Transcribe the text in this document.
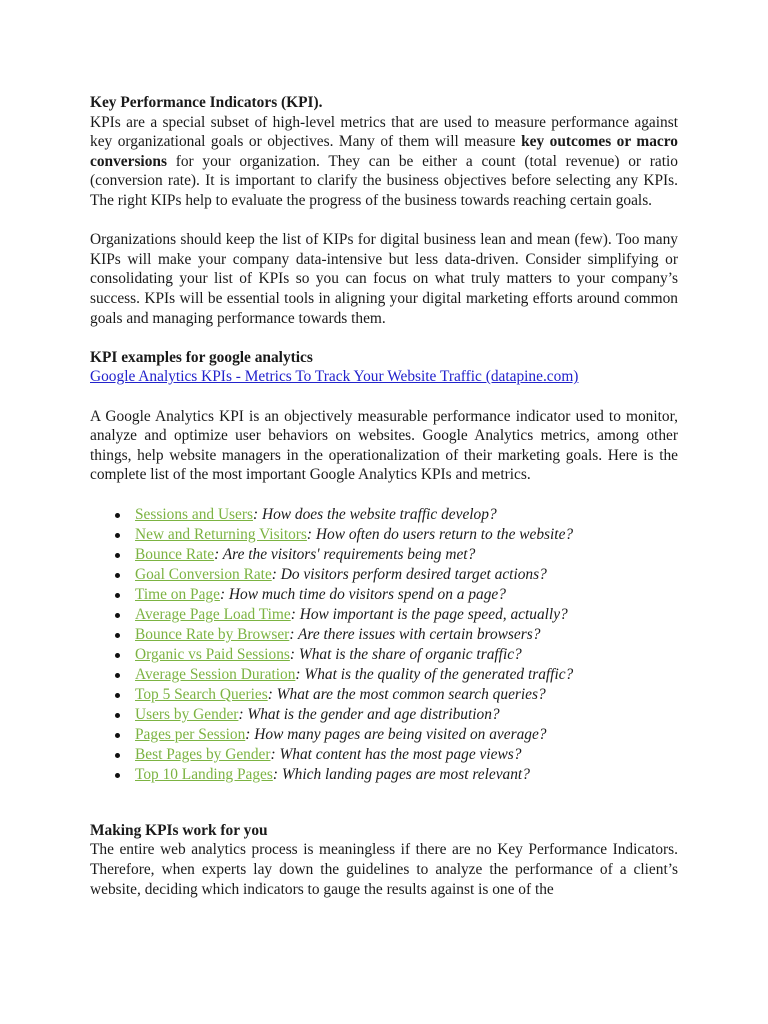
Key Performance Indicators (KPI).

KPIs are a special subset of high-level metrics that are used to measure performance against key organizational goals or objectives. Many of them will measure key outcomes or macro conversions for your organization. They can be either a count (total revenue) or ratio (conversion rate). It is important to clarify the business objectives before selecting any KPIs. The right KIPs help to evaluate the progress of the business towards reaching certain goals.

Organizations should keep the list of KIPs for digital business lean and mean (few). Too many KIPs will make your company data-intensive but less data-driven. Consider simplifying or consolidating your list of KPIs so you can focus on what truly matters to your company’s success. KPIs will be essential tools in aligning your digital marketing efforts around common goals and managing performance towards them.

KPI examples for google analytics

Google Analytics KPIs - Metrics To Track Your Website Traffic (datapine.com)

A Google Analytics KPI is an objectively measurable performance indicator used to monitor, analyze and optimize user behaviors on websites. Google Analytics metrics, among other things, help website managers in the operationalization of their marketing goals. Here is the complete list of the most important Google Analytics KPIs and metrics.

Sessions and Users: How does the website traffic develop?
New and Returning Visitors: How often do users return to the website?
Bounce Rate: Are the visitors' requirements being met?
Goal Conversion Rate: Do visitors perform desired target actions?
Time on Page: How much time do visitors spend on a page?
Average Page Load Time: How important is the page speed, actually?
Bounce Rate by Browser: Are there issues with certain browsers?
Organic vs Paid Sessions: What is the share of organic traffic?
Average Session Duration: What is the quality of the generated traffic?
Top 5 Search Queries: What are the most common search queries?
Users by Gender: What is the gender and age distribution?
Pages per Session: How many pages are being visited on average?
Best Pages by Gender: What content has the most page views?
Top 10 Landing Pages: Which landing pages are most relevant?

Making KPIs work for you

The entire web analytics process is meaningless if there are no Key Performance Indicators. Therefore, when experts lay down the guidelines to analyze the performance of a client’s website, deciding which indicators to gauge the results against is one of the
